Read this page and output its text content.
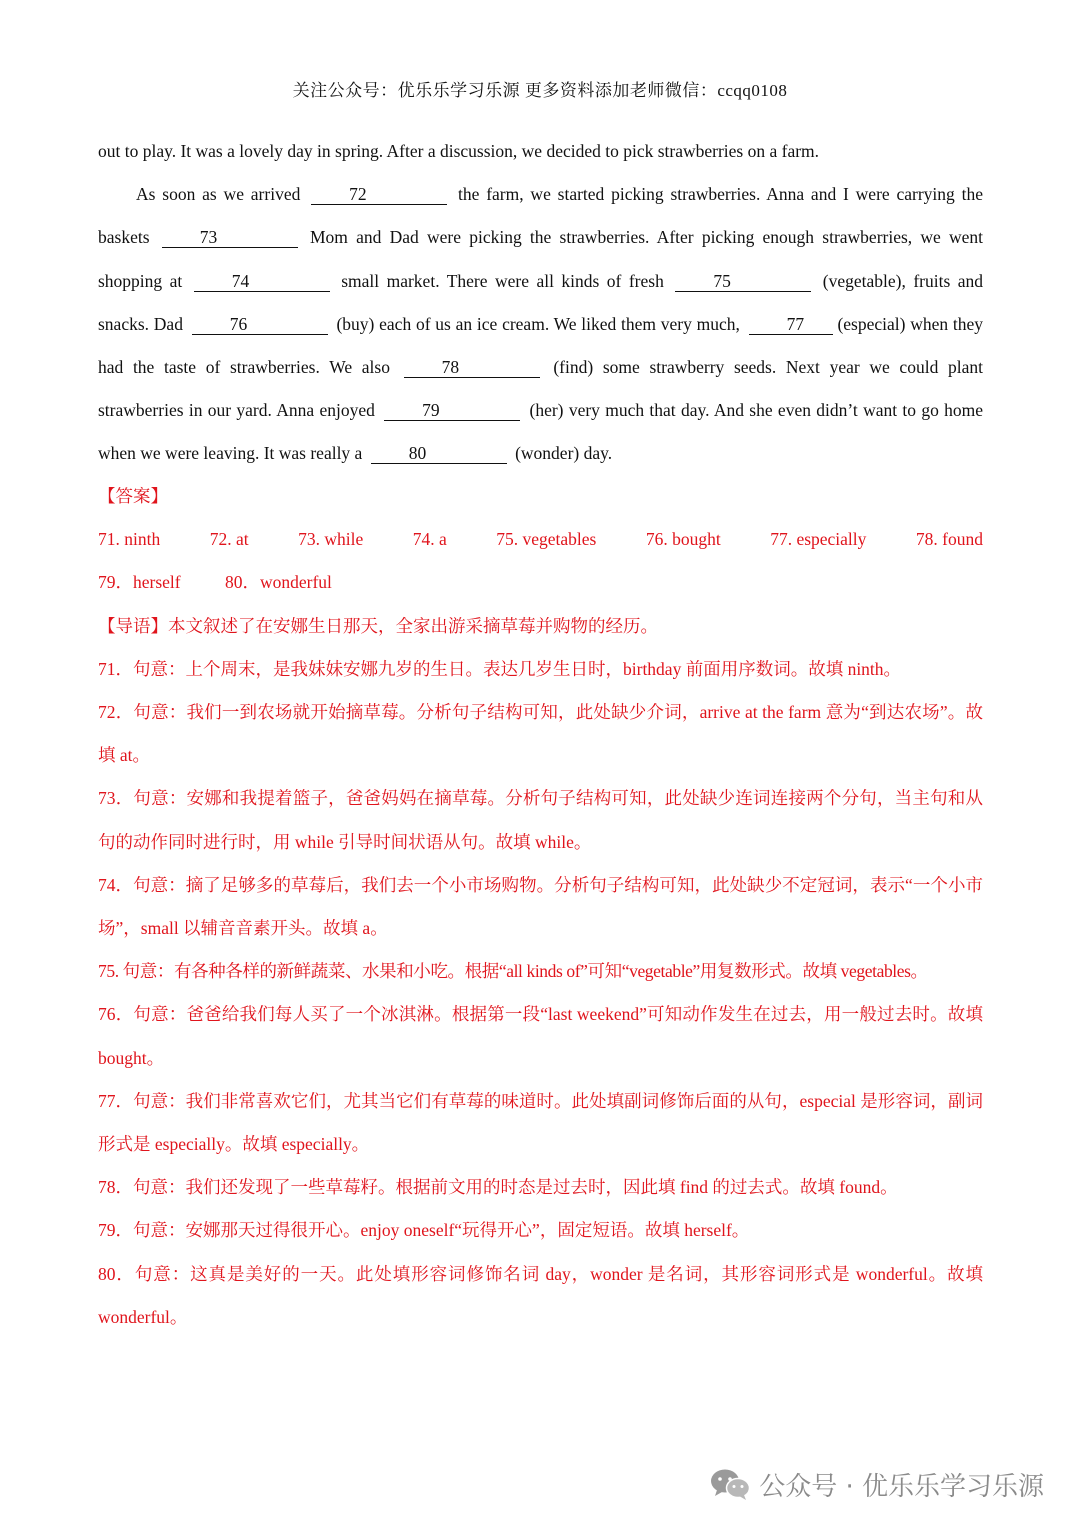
关注公众号：优乐乐学习乐源 更多资料添加老师微信：ccqq0108

out to play. It was a lovely day in spring. After a discussion, we decided to pick strawberries on a farm.

As soon as we arrived	72	the farm, we started picking strawberries. Anna and I were carrying the baskets	73	Mom and Dad were picking the strawberries. After picking enough strawberries, we went shopping at	74	small market. There were all kinds of fresh	75	(vegetable), fruits and snacks. Dad	76	(buy) each of us an ice cream. We liked them very much,	77 (especial) when they had the taste of strawberries. We also	78	(find) some strawberry seeds. Next year we could plant strawberries in our yard. Anna enjoyed	79	(her) very much that day. And she even didn’t want to go home when we were leaving. It was really a	80	(wonder) day.

【答案】

71. ninth	72. at	73. while	74. a	75. vegetables	76. bought	77. especially	78. found
79．herself	80．wonderful

【导语】本文叙述了在安娜生日那天，全家出游采摘草莓并购物的经历。

71．句意：上个周末，是我妹妹安娜九岁的生日。表达几岁生日时，birthday 前面用序数词。故填 ninth。

72．句意：我们一到农场就开始摘草莓。分析句子结构可知，此处缺少介词，arrive at the farm 意为“到达农场”。故填 at。

73．句意：安娜和我提着篮子，爸爸妈妈在摘草莓。分析句子结构可知，此处缺少连词连接两个分句，当主句和从句的动作同时进行时，用 while 引导时间状语从句。故填 while。

74．句意：摘了足够多的草莓后，我们去一个小市场购物。分析句子结构可知，此处缺少不定冠词，表示“一个小市场”，small 以辅音音素开头。故填 a。

75. 句意：有各种各样的新鲜蔬菜、水果和小吃。根据“all kinds of”可知“vegetable”用复数形式。故填 vegetables。

76．句意：爸爸给我们每人买了一个冰淇淋。根据第一段“last weekend”可知动作发生在过去，用一般过去时。故填 bought。

77．句意：我们非常喜欢它们，尤其当它们有草莓的味道时。此处填副词修饰后面的从句，especial 是形容词，副词形式是 especially。故填 especially。

78．句意：我们还发现了一些草莓籽。根据前文用的时态是过去时，因此填 find 的过去式。故填 found。

79．句意：安娜那天过得很开心。enjoy oneself“玩得开心”，固定短语。故填 herself。

80．句意：这真是美好的一天。此处填形容词修饰名词 day，wonder 是名词，其形容词形式是 wonderful。故填 wonderful。

公众号 · 优乐乐学习乐源
